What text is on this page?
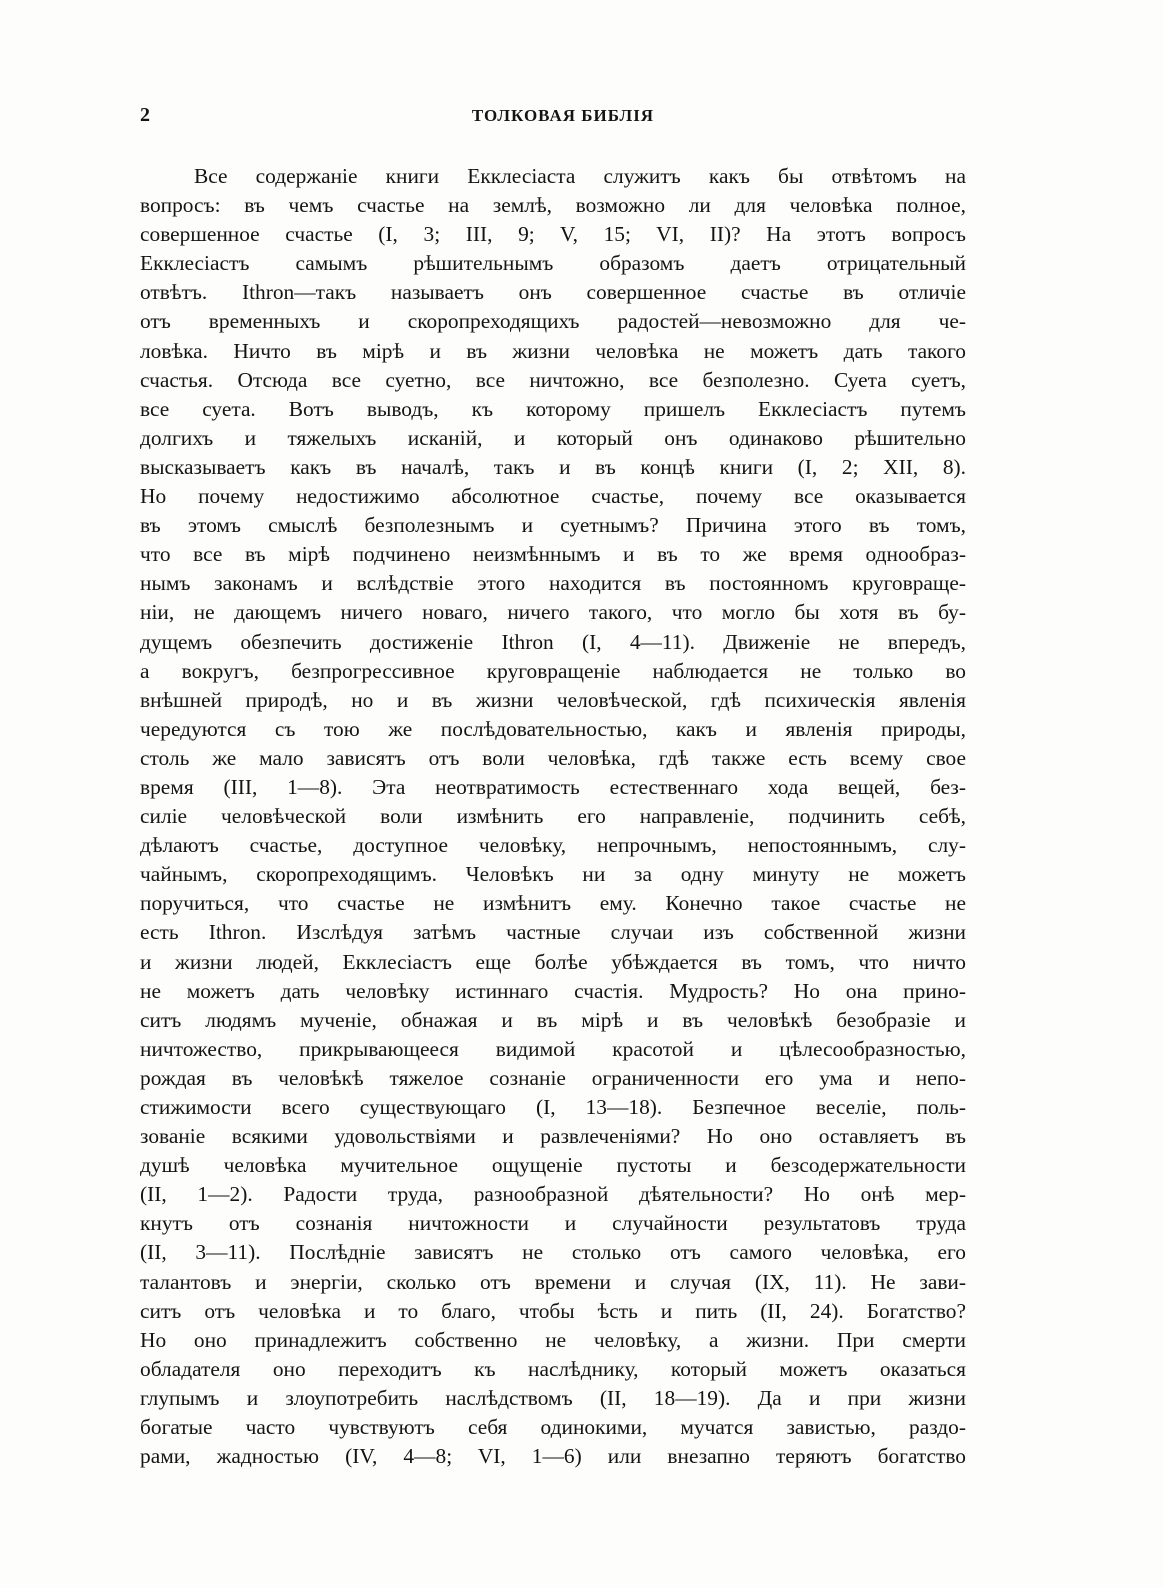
2	ТОЛКОВАЯ БИБЛІЯ
Все содержаніе книги Екклесіаста служитъ какъ бы отвѣтомъ на
вопросъ: въ чемъ счастье на землѣ, возможно ли для человѣка полное,
совершенное счастье (I, 3; III, 9; V, 15; VI, II)? На этотъ вопросъ
Екклесіастъ самымъ рѣшительнымъ образомъ даетъ отрицательный
отвѣтъ. Ithron—такъ называетъ онъ совершенное счастье въ отличіе
отъ временныхъ и скоропреходящихъ радостей—невозможно для че-
ловѣка. Ничто въ мірѣ и въ жизни человѣка не можетъ дать такого
счастья. Отсюда все суетно, все ничтожно, все безполезно. Суета суетъ,
все суета. Вотъ выводъ, къ которому пришелъ Екклесіастъ путемъ
долгихъ и тяжелыхъ исканій, и который онъ одинаково рѣшительно
высказываетъ какъ въ началѣ, такъ и въ концѣ книги (I, 2; XII, 8).
Но почему недостижимо абсолютное счастье, почему все оказывается
въ этомъ смыслѣ безполезнымъ и суетнымъ? Причина этого въ томъ,
что все въ мірѣ подчинено неизмѣннымъ и въ то же время однообраз-
нымъ законамъ и вслѣдствіе этого находится въ постоянномъ круговраще-
ніи, не дающемъ ничего новаго, ничего такого, что могло бы хотя въ бу-
дущемъ обезпечить достиженіе Ithron (I, 4—11). Движеніе не впередъ,
а вокругъ, безпрогрессивное круговращеніе наблюдается не только во
внѣшней природѣ, но и въ жизни человѣческой, гдѣ психическія явленія
чередуются съ тою же послѣдовательностью, какъ и явленія природы,
столь же мало зависятъ отъ воли человѣка, гдѣ также есть всему свое
время (III, 1—8). Эта неотвратимость естественнаго хода вещей, без-
силіе человѣческой воли измѣнить его направленіе, подчинить себѣ,
дѣлаютъ счастье, доступное человѣку, непрочнымъ, непостояннымъ, слу-
чайнымъ, скоропреходящимъ. Человѣкъ ни за одну минуту не можетъ
поручиться, что счастье не измѣнитъ ему. Конечно такое счастье не
есть Ithron. Изслѣдуя затѣмъ частные случаи изъ собственной жизни
и жизни людей, Екклесіастъ еще болѣе убѣждается въ томъ, что ничто
не можетъ дать человѣку истиннаго счастія. Мудрость? Но она прино-
ситъ людямъ мученіе, обнажая и въ мірѣ и въ человѣкѣ безобразіе и
ничтожество, прикрывающееся видимой красотой и цѣлесообразностью,
рождая въ человѣкѣ тяжелое сознаніе ограниченности его ума и непо-
стижимости всего существующаго (I, 13—18). Безпечное веселіе, поль-
зованіе всякими удовольствіями и развлеченіями? Но оно оставляетъ въ
душѣ человѣка мучительное ощущеніе пустоты и безсодержательности
(II, 1—2). Радости труда, разнообразной дѣятельности? Но онѣ мер-
кнутъ отъ сознанія ничтожности и случайности результатовъ труда
(II, 3—11). Послѣдніе зависятъ не столько отъ самого человѣка, его
талантовъ и энергіи, сколько отъ времени и случая (IX, 11). Не зави-
ситъ отъ человѣка и то благо, чтобы ѣсть и пить (II, 24). Богатство?
Но оно принадлежитъ собственно не человѣку, а жизни. При смерти
обладателя оно переходитъ къ наслѣднику, который можетъ оказаться
глупымъ и злоупотребить наслѣдствомъ (II, 18—19). Да и при жизни
богатые часто чувствуютъ себя одинокими, мучатся завистью, раздо-
рами, жадностью (IV, 4—8; VI, 1—6) или внезапно теряютъ богатство
